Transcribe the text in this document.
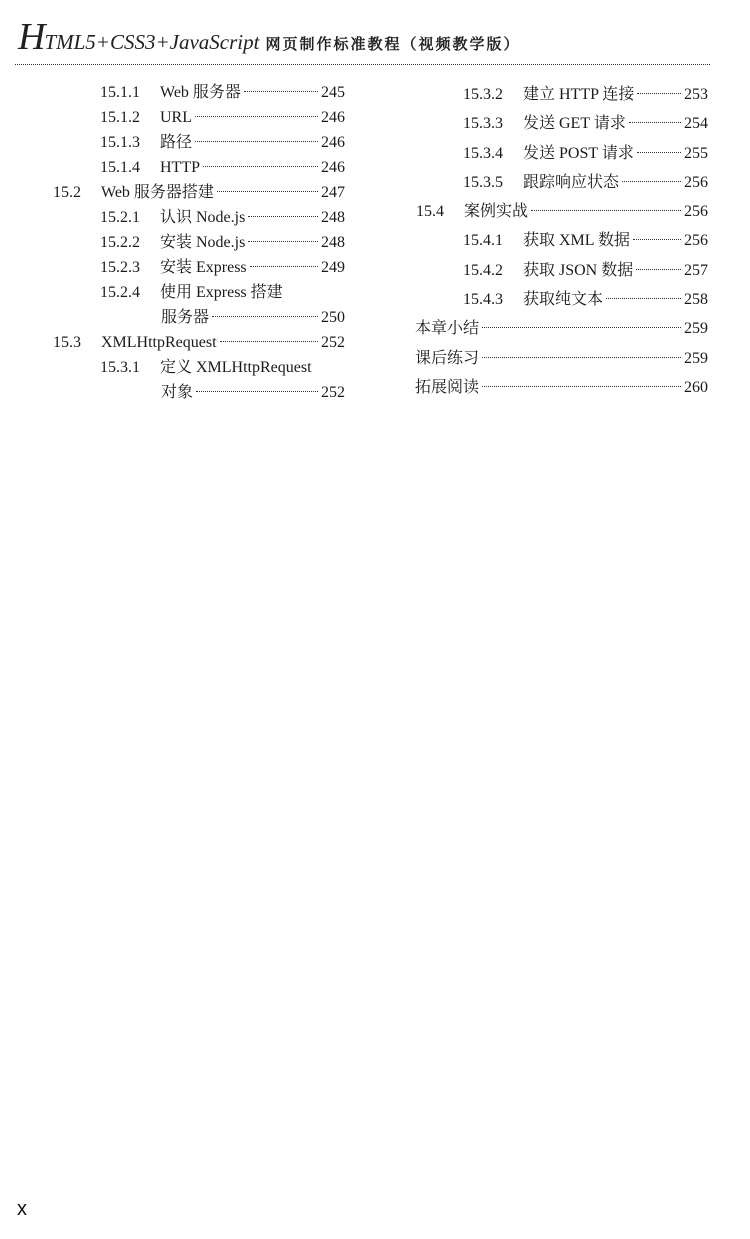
HTML5+CSS3+JavaScript 网页制作标准教程（视频教学版）
15.1.1	Web 服务器	245
15.1.2	URL	246
15.1.3	路径	246
15.1.4	HTTP	246
15.2	Web 服务器搭建	247
15.2.1	认识 Node.js	248
15.2.2	安装 Node.js	248
15.2.3	安装 Express	249
15.2.4	使用 Express 搭建
服务器	250
15.3	XMLHttpRequest	252
15.3.1	定义 XMLHttpRequest
对象	252
15.3.2	建立 HTTP 连接	253
15.3.3	发送 GET 请求	254
15.3.4	发送 POST 请求	255
15.3.5	跟踪响应状态	256
15.4	案例实战	256
15.4.1	获取 XML 数据	256
15.4.2	获取 JSON 数据	257
15.4.3	获取纯文本	258
本章小结	259
课后练习	259
拓展阅读	260
x
